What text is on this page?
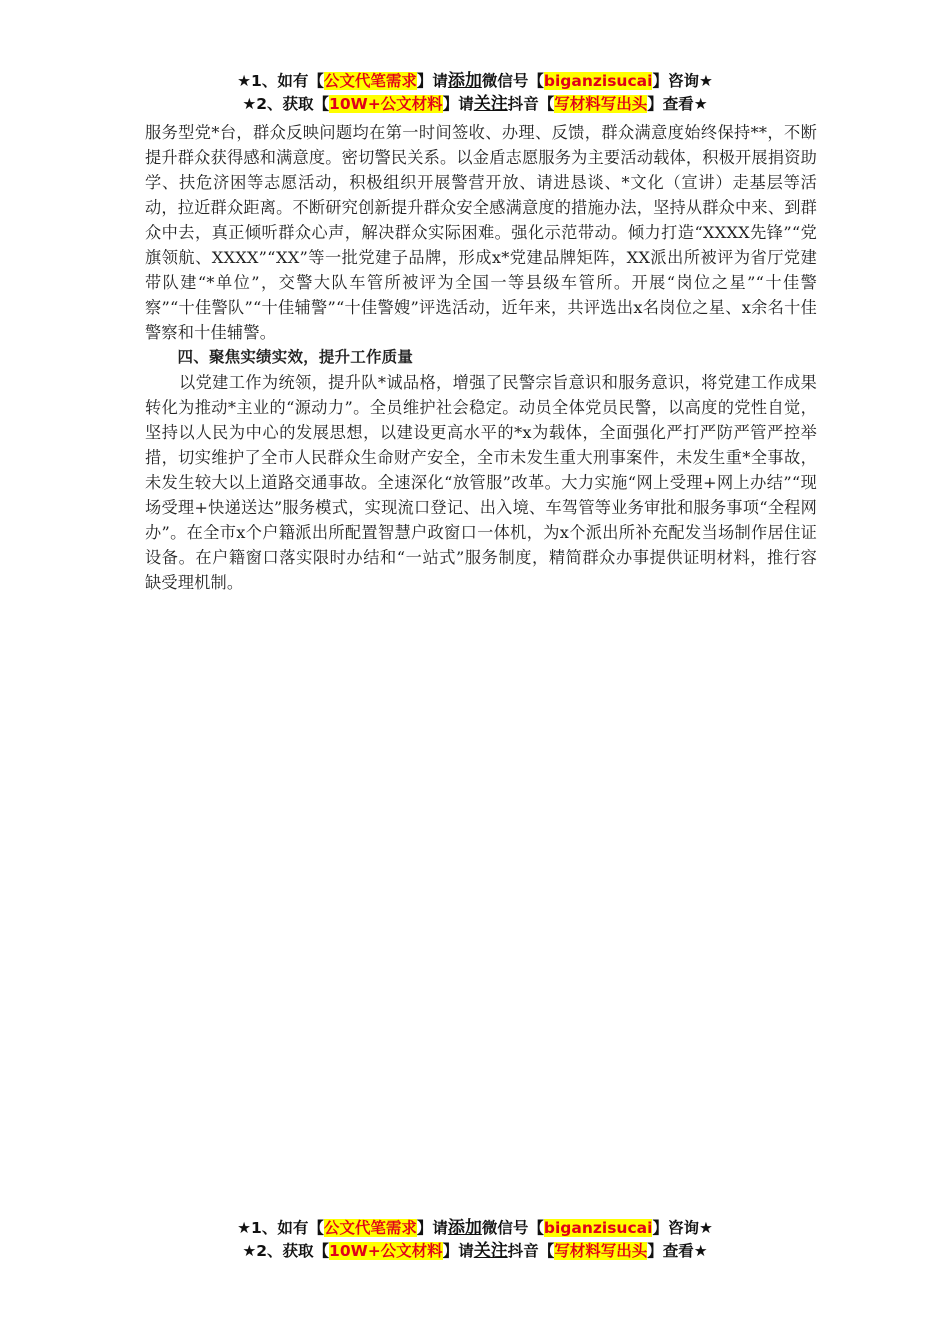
★1、如有【公文代笔需求】请添加微信号【biganzisucai】咨询★
★2、获取【10W+公文材料】请关注抖音【写材料写出头】查看★

服务型党*台，群众反映问题均在第一时间签收、办理、反馈，群众满意度始终保持**，不断提升群众获得感和满意度。密切警民关系。以金盾志愿服务为主要活动载体，积极开展捐资助学、扶危济困等志愿活动，积极组织开展警营开放、请进恳谈、*文化（宣讲）走基层等活动，拉近群众距离。不断研究创新提升群众安全感满意度的措施办法，坚持从群众中来、到群众中去，真正倾听群众心声，解决群众实际困难。强化示范带动。倾力打造“XXXX先锋”“党旗领航、XXXX”“XX”等一批党建子品牌，形成x*党建品牌矩阵，XX派出所被评为省厅党建带队建“*单位”，交警大队车管所被评为全国一等县级车管所。开展“岗位之星”“十佳警察”“十佳警队”“十佳辅警”“十佳警嫂”评选活动，近年来，共评选出x名岗位之星、x余名十佳警察和十佳辅警。

四、聚焦实绩实效，提升工作质量

以党建工作为统领，提升队*诚品格，增强了民警宗旨意识和服务意识，将党建工作成果转化为推动*主业的“源动力”。全员维护社会稳定。动员全体党员民警，以高度的党性自觉，坚持以人民为中心的发展思想，以建设更高水平的*x为载体，全面强化严打严防严管严控举措，切实维护了全市人民群众生命财产安全，全市未发生重大刑事案件，未发生重*全事故，未发生较大以上道路交通事故。全速深化“放管服”改革。大力实施“网上受理+网上办结”“现场受理+快递送达”服务模式，实现流口登记、出入境、车驾管等业务审批和服务事项“全程网办”。在全市x个户籍派出所配置智慧户政窗口一体机，为x个派出所补充配发当场制作居住证设备。在户籍窗口落实限时办结和“一站式”服务制度，精简群众办事提供证明材料，推行容缺受理机制。

★1、如有【公文代笔需求】请添加微信号【biganzisucai】咨询★
★2、获取【10W+公文材料】请关注抖音【写材料写出头】查看★
